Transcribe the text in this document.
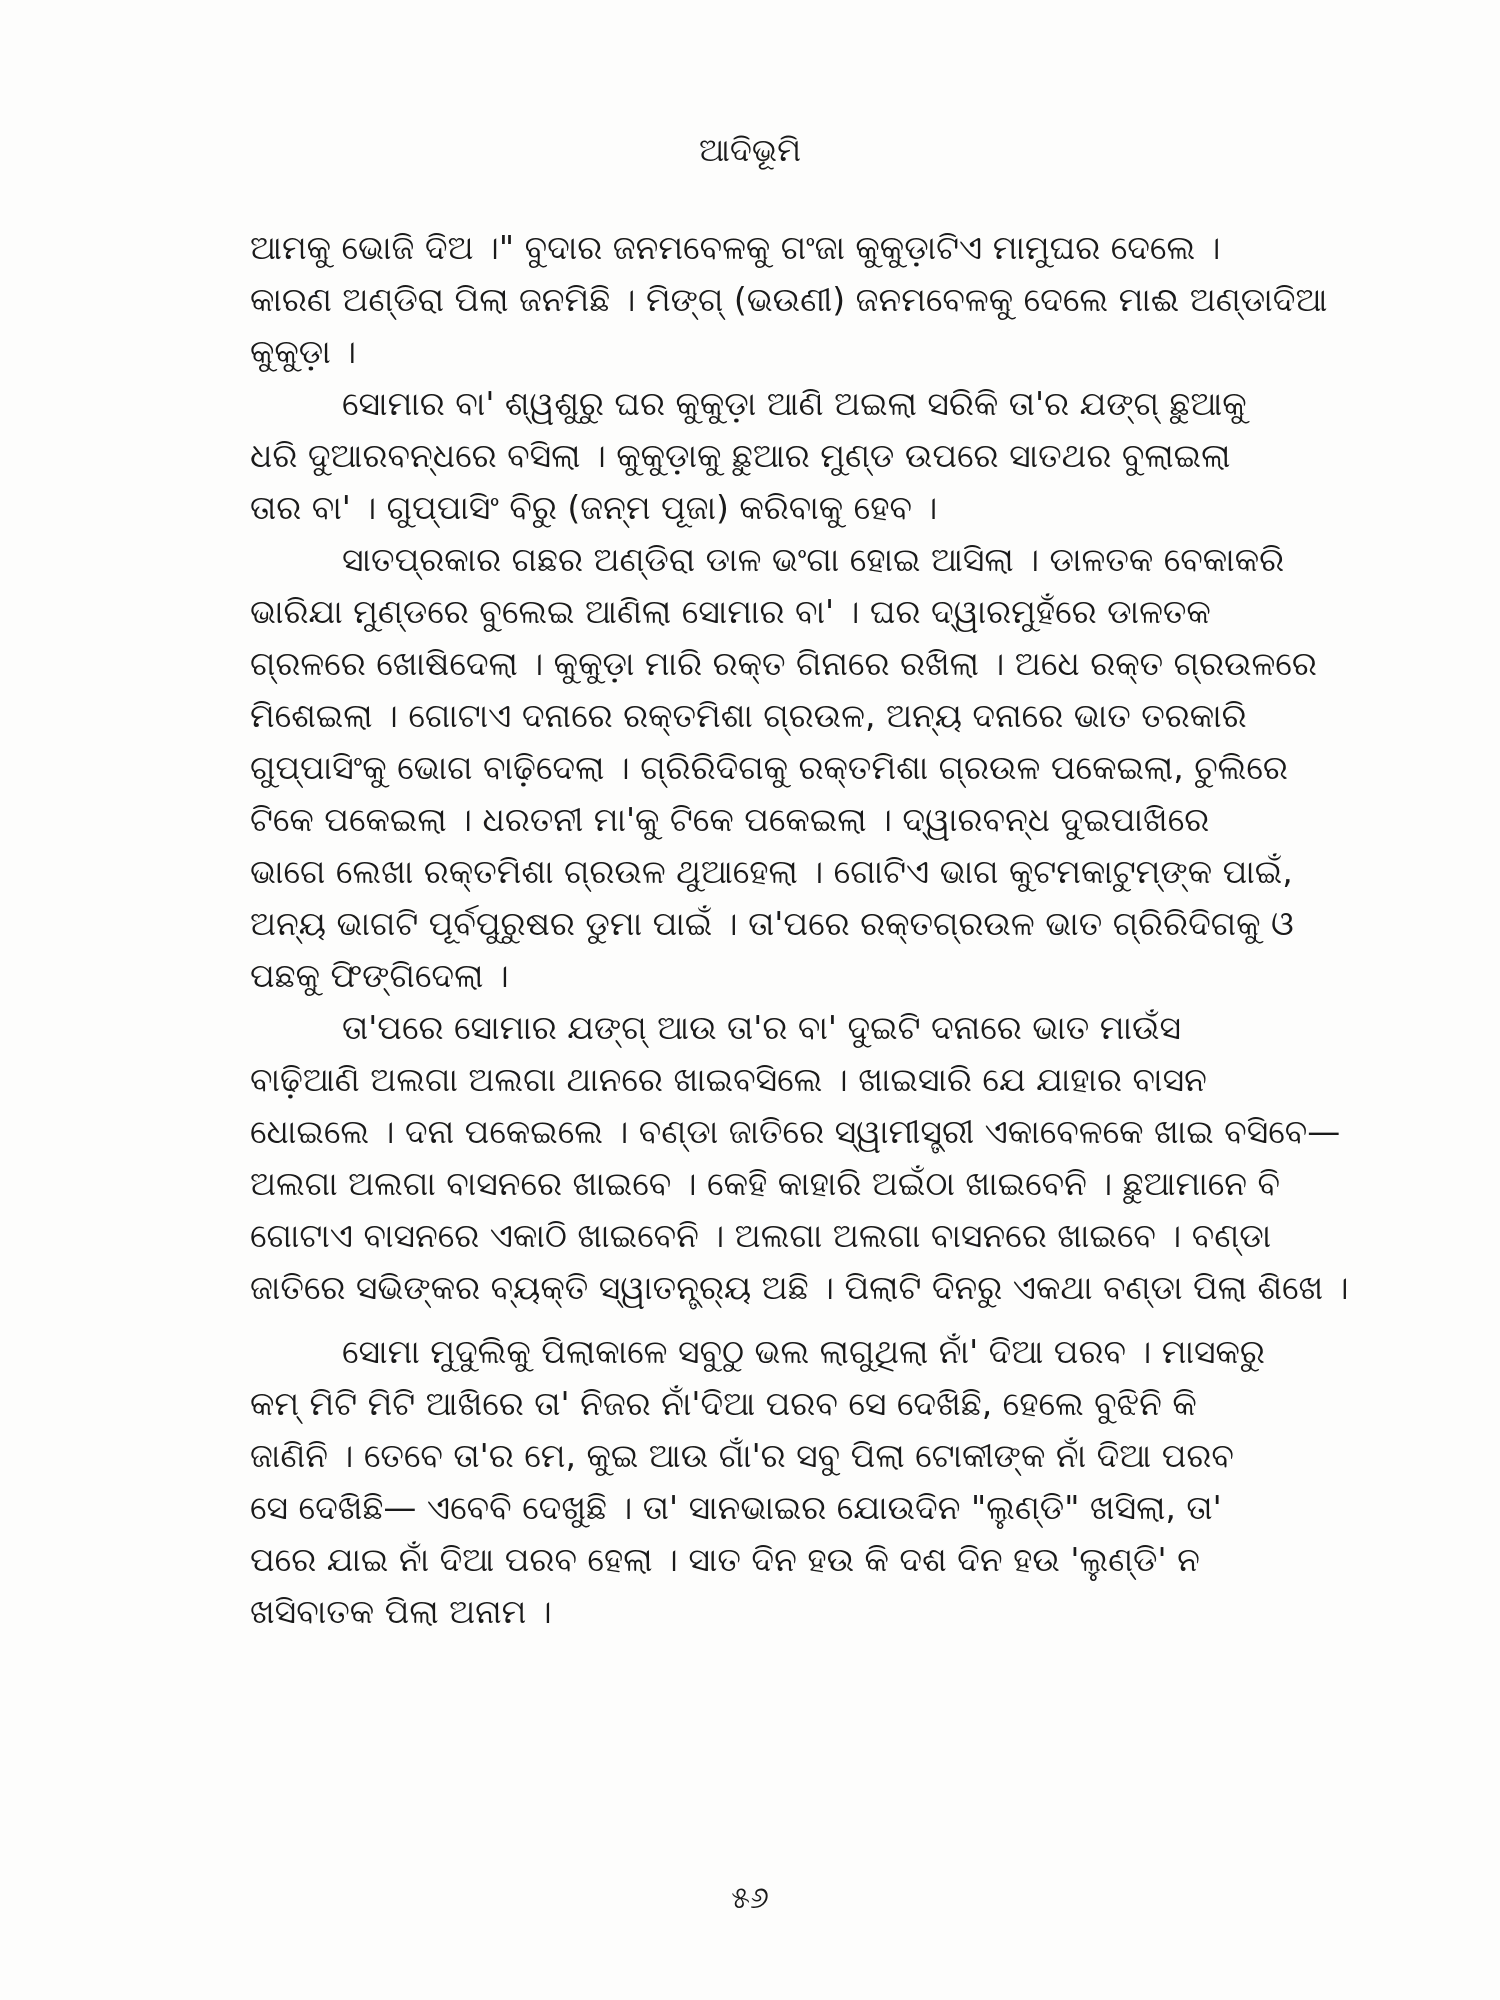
ଆଦିଭୂମି
ଆମକୁ ଭୋଜି ଦିଅ ।" ବୁଦାର ଜନମବେଳକୁ ଗଂଜା କୁକୁଡ଼ାଟିଏ ମାମୁଘର ଦେଲେ ।
କାରଣ ଅଣ୍ଡିରା ପିଲା ଜନମିଛି । ମିଙ୍ଗ୍ (ଭଉଣୀ) ଜନମବେଳକୁ ଦେଲେ ମାଈ ଅଣ୍ଡାଦିଆ
କୁକୁଡ଼ା ।
ସୋମାର ବା' ଶ୍ୱଶୁରୁ ଘର କୁକୁଡ଼ା ଆଣି ଅଇଲା ସରିକି ତା'ର ଯଙ୍ଗ୍ ଛୁଆକୁ
ଧରି ଦୁଆରବନ୍ଧରେ ବସିଲା । କୁକୁଡ଼ାକୁ ଛୁଆର ମୁଣ୍ଡ ଉପରେ ସାତଥର ବୁଲାଇଲା
ତାର ବା' । ଗୁପ୍‌ପାସିଂ ବିରୁ (ଜନ୍ମ ପୂଜା) କରିବାକୁ ହେବ ।
ସାତପ୍ରକାର ଗଛର ଅଣ୍ଡିରା ଡାଳ ଭଂଗା ହୋଇ ଆସିଲା । ଡାଳତକ ବେକାକରି
ଭାରିଯା ମୁଣ୍ଡରେ ବୁଲେଇ ଆଣିଲା ସୋମାର ବା' । ଘର ଦ୍ୱାରମୁହଁରେ ଡାଳତକ
ଗ୍ରଳରେ ଖୋଷିଦେଲା । କୁକୁଡ଼ା ମାରି ରକ୍ତ ଗିନାରେ ରଖିଲା । ଅଧେ ରକ୍ତ ଗ୍ରଉଳରେ
ମିଶେଇଲା । ଗୋଟାଏ ଦନାରେ ରକ୍ତମିଶା ଗ୍ରଉଳ, ଅନ୍ୟ ଦନାରେ ଭାତ ତରକାରି
ଗୁପ୍‌ପାସିଂକୁ ଭୋଗ ବାଢ଼ିଦେଲା । ଗ୍ରିରିଦିଗକୁ ରକ୍ତମିଶା ଗ୍ରଉଳ ପକେଇଲା, ଚୁଲିରେ
ଟିକେ ପକେଇଲା । ଧରତନୀ ମା'କୁ ଟିକେ ପକେଇଲା । ଦ୍ୱାରବନ୍ଧ ଦୁଇପାଖିରେ
ଭାଗେ ଲେଖା ରକ୍ତମିଶା ଗ୍ରଉଳ ଥୁଆହେଲା । ଗୋଟିଏ ଭାଗ କୁଟମକାଟୁମ୍‌ଙ୍କ ପାଇଁ,
ଅନ୍ୟ ଭାଗଟି ପୂର୍ବପୁରୁଷର ଡୁମା ପାଇଁ । ତା'ପରେ ରକ୍ତଗ୍ରଉଳ ଭାତ ଗ୍ରିରିଦିଗକୁ ଓ
ପଛକୁ ଫିଙ୍ଗିଦେଲା ।
ତା'ପରେ ସୋମାର ଯଙ୍ଗ୍ ଆଉ ତା'ର ବା' ଦୁଇଟି ଦନାରେ ଭାତ ମାଉଁସ
ବାଢ଼ିଆଣି ଅଲଗା ଅଲଗା ଥାନରେ ଖାଇବସିଲେ । ଖାଇସାରି ଯେ ଯାହାର ବାସନ
ଧୋଇଲେ । ଦନା ପକେଇଲେ । ବଣ୍ଡା ଜାତିରେ ସ୍ୱାମୀସ୍ତ୍ରୀ ଏକାବେଳକେ ଖାଇ ବସିବେ—
ଅଲଗା ଅଲଗା ବାସନରେ ଖାଇବେ । କେହି କାହାରି ଅଇଁଠା ଖାଇବେନି । ଛୁଆମାନେ ବି
ଗୋଟାଏ ବାସନରେ ଏକାଠି ଖାଇବେନି । ଅଲଗା ଅଲଗା ବାସନରେ ଖାଇବେ । ବଣ୍ଡା
ଜାତିରେ ସଭିଙ୍କର ବ୍ୟକ୍ତି ସ୍ୱାତନ୍ତ୍ର୍ୟ ଅଛି । ପିଲାଟି ଦିନରୁ ଏକଥା ବଣ୍ଡା ପିଲା ଶିଖେ ।
ସୋମା ମୁଦୁଲିକୁ ପିଲାକାଳେ ସବୁଠୁ ଭଲ ଲାଗୁଥିଲା ନାଁ' ଦିଆ ପରବ । ମାସକରୁ
କମ୍ ମିଟି ମିଟି ଆଖିରେ ତା' ନିଜର ନାଁ'ଦିଆ ପରବ ସେ ଦେଖିଛି, ହେଲେ ବୁଝିନି କି
ଜାଣିନି । ତେବେ ତା'ର ମେ, କୁଇ ଆଉ ଗାଁ'ର ସବୁ ପିଲା ଟୋକୀଙ୍କ ନାଁ ଦିଆ ପରବ
ସେ ଦେଖିଛି— ଏବେବି ଦେଖୁଛି । ତା' ସାନଭାଇର ଯୋଉଦିନ "ଲୁଣ୍ଡି" ଖସିଲା, ତା'
ପରେ ଯାଇ ନାଁ ଦିଆ ପରବ ହେଲା । ସାତ ଦିନ ହଉ କି ଦଶ ଦିନ ହଉ 'ଲୁଣ୍ଡି' ନ
ଖସିବାତକ ପିଲା ଅନାମ ।
୫୬
